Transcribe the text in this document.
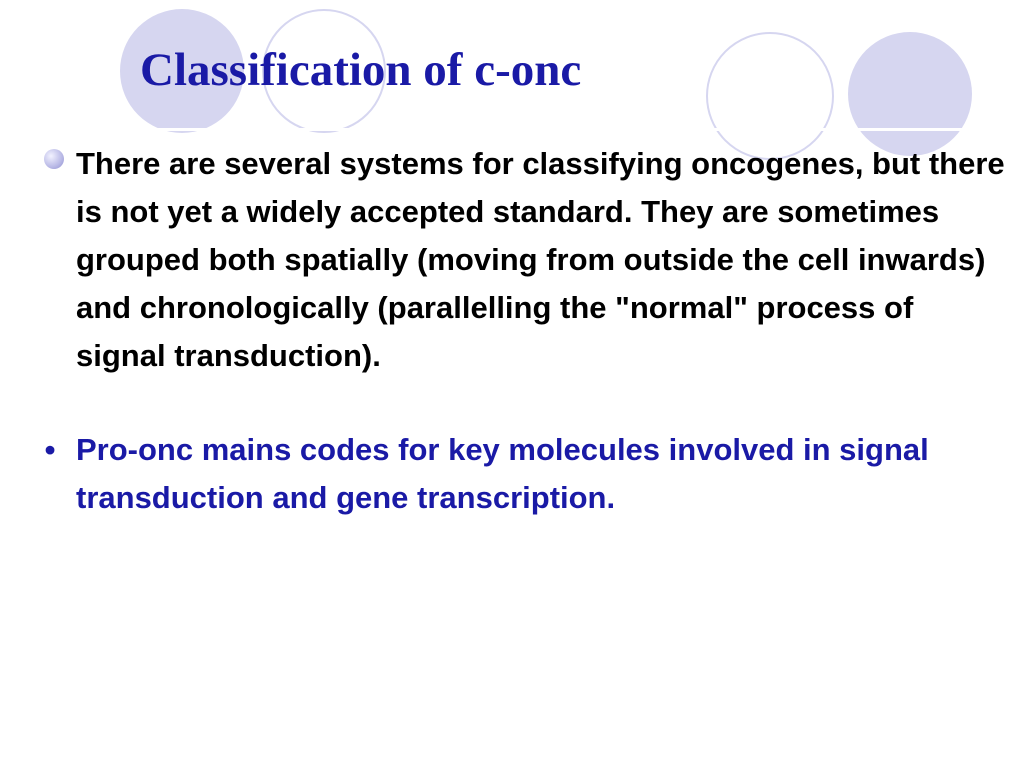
Classification of c-onc
There are several systems for classifying oncogenes, but there is not yet a widely accepted standard. They are sometimes grouped both spatially (moving from outside the cell inwards) and chronologically (parallelling the "normal" process of signal transduction).
• Pro-onc mains codes for key molecules involved in signal transduction and gene transcription.
